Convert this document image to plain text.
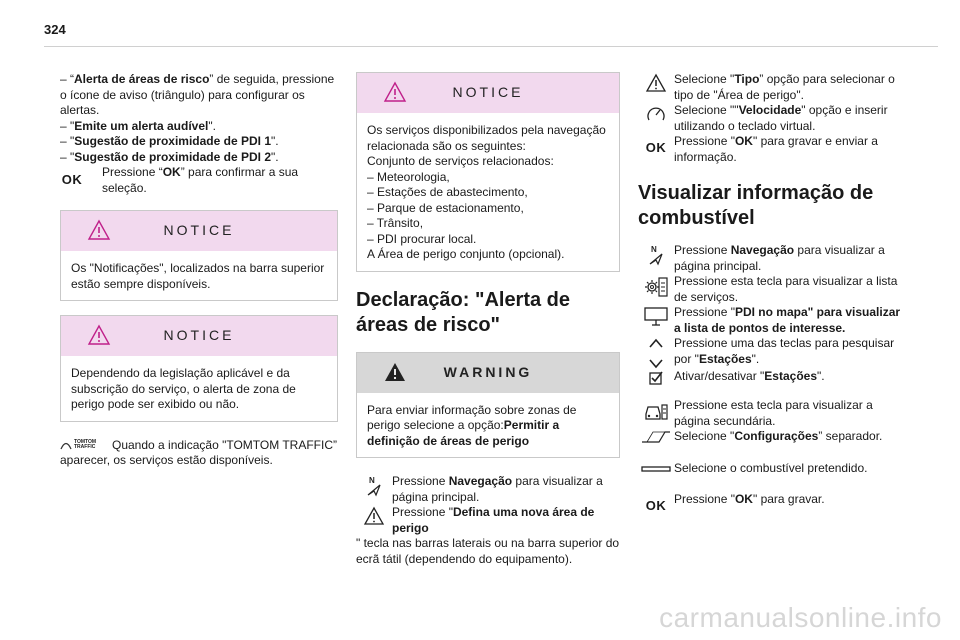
324

– “Alerta de áreas de risco” de seguida, pressione o ícone de aviso (triângulo) para configurar os alertas.

– "Emite um alerta audível".

– "Sugestão de proximidade de PDI 1".

– "Sugestão de proximidade de PDI 2".

OK	Pressione “OK” para confirmar a sua seleção.

NOTICE

Os "Notificações", localizados na barra superior estão sempre disponíveis.

NOTICE

Dependendo da legislação aplicável e da subscrição do serviço, o alerta de zona de perigo pode ser exibido ou não.

TOMTOM TRAFFIC	Quando a indicação "TOMTOM TRAFFIC” aparecer, os serviços estão disponíveis.

NOTICE

Os serviços disponibilizados pela navegação relacionada são os seguintes:

Conjunto de serviços relacionados:

– Meteorologia,

– Estações de abastecimento,

– Parque de estacionamento,

– Trânsito,

– PDI procurar local.

A Área de perigo conjunto (opcional).

Declaração: "Alerta de áreas de risco"
WARNING

Para enviar informação sobre zonas de perigo selecione a opção:Permitir a definição de áreas de perigo

N Pressione Navegação para visualizar a página principal.

Pressione "Defina uma nova área de perigo

" tecla nas barras laterais ou na barra superior do ecrã tátil (dependendo do equipamento).

Selecione "Tipo” opção para selecionar o tipo de "Área de perigo".

Selecione ""Velocidade" opção e inserir utilizando o teclado virtual.

OK Pressione "OK" para gravar e enviar a informação.

Visualizar informação de combustível
N Pressione Navegação para visualizar a página principal.

Pressione esta tecla para visualizar a lista de serviços.

Pressione "PDI no mapa" para visualizar a lista de pontos de interesse.

Pressione uma das teclas para pesquisar por "Estações".

Ativar/desativar "Estações".

Pressione esta tecla para visualizar a página secundária.

Selecione "Configurações” separador.

Selecione o combustível pretendido.

OK Pressione "OK" para gravar.

carmanualsonline.info
